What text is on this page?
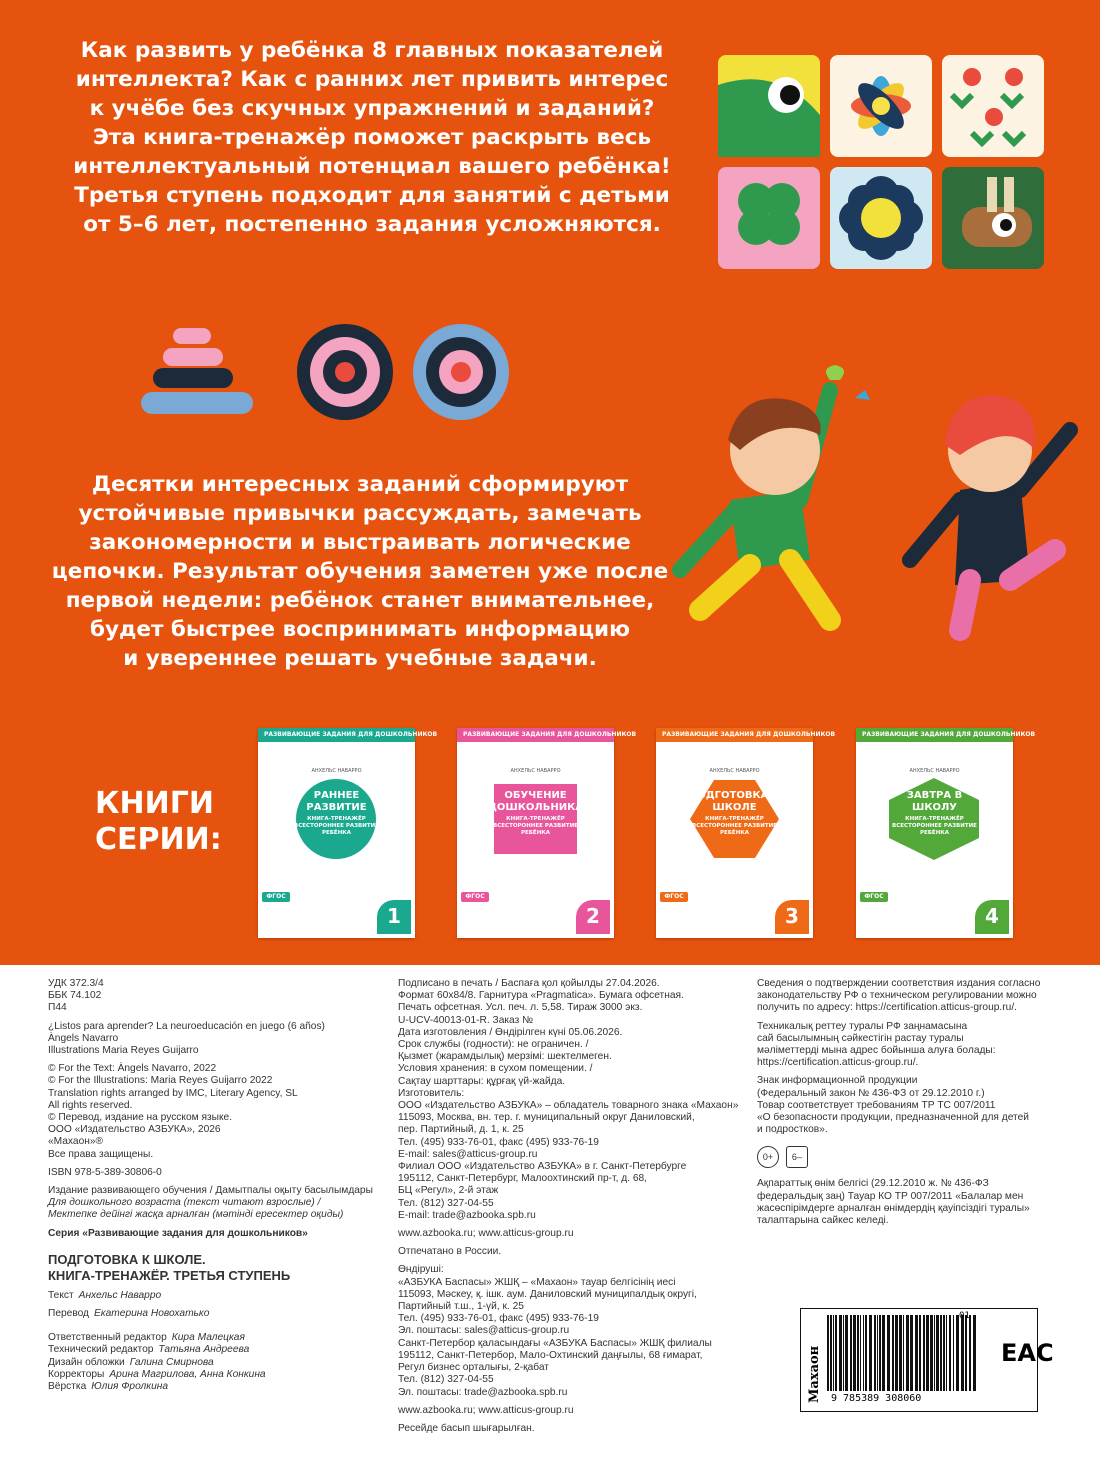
Как развить у ребёнка 8 главных показателей
интеллекта? Как с ранних лет привить интерес
к учёбе без скучных упражнений и заданий?
Эта книга-тренажёр поможет раскрыть весь
интеллектуальный потенциал вашего ребёнка!
Третья ступень подходит для занятий с детьми
от 5–6 лет, постепенно задания усложняются.
Десятки интересных заданий сформируют
устойчивые привычки рассуждать, замечать
закономерности и выстраивать логические
цепочки. Результат обучения заметен уже после
первой недели: ребёнок станет внимательнее,
будет быстрее воспринимать информацию
и увереннее решать учебные задачи.
КНИГИ
СЕРИИ:
РАЗВИВАЮЩИЕ ЗАДАНИЯ ДЛЯ ДОШКОЛЬНИКОВ
АНХЕЛЬС НАВАРРО
РАННЕЕ РАЗВИТИЕ
КНИГА-ТРЕНАЖЁР ВСЕСТОРОННЕЕ РАЗВИТИЕ РЕБЁНКА
ФГОС
1
РАЗВИВАЮЩИЕ ЗАДАНИЯ ДЛЯ ДОШКОЛЬНИКОВ
АНХЕЛЬС НАВАРРО
ОБУЧЕНИЕ ДОШКОЛЬНИКА
КНИГА-ТРЕНАЖЁР ВСЕСТОРОННЕЕ РАЗВИТИЕ РЕБЁНКА
ФГОС
2
РАЗВИВАЮЩИЕ ЗАДАНИЯ ДЛЯ ДОШКОЛЬНИКОВ
АНХЕЛЬС НАВАРРО
ПОДГОТОВКА К ШКОЛЕ
КНИГА-ТРЕНАЖЁР ВСЕСТОРОННЕЕ РАЗВИТИЕ РЕБЁНКА
ФГОС
3
РАЗВИВАЮЩИЕ ЗАДАНИЯ ДЛЯ ДОШКОЛЬНИКОВ
АНХЕЛЬС НАВАРРО
ЗАВТРА В ШКОЛУ
КНИГА-ТРЕНАЖЁР ВСЕСТОРОННЕЕ РАЗВИТИЕ РЕБЁНКА
ФГОС
4
УДК 372.3/4
ББК 74.102
П44
¿Listos para aprender? La neuroeducación en juego (6 años)
Àngels Navarro
Illustrations Maria Reyes Guijarro
© For the Text: Àngels Navarro, 2022
© For the Illustrations: Maria Reyes Guijarro 2022
Translation rights arranged by IMC, Literary Agency, SL
All rights reserved.
© Перевод, издание на русском языке.
ООО «Издательство АЗБУКА», 2026
«Махаон»®
Все права защищены.
ISBN 978-5-389-30806-0
Издание развивающего обучения / Дамытпалы оқыту басылымдары
Для дошкольного возраста (текст читают взрослые) /
Мектепке дейінгі жасқа арналған (мәтінді ересектер оқиды)
Серия «Развивающие задания для дошкольников»
ПОДГОТОВКА К ШКОЛЕ.
КНИГА-ТРЕНАЖЁР. ТРЕТЬЯ СТУПЕНЬ
Текст Анхельс Наварро
Перевод Екатерина Новохатько
Ответственный редактор Кира Малецкая
Технический редактор Татьяна Андреева
Дизайн обложки Галина Смирнова
Корректоры Арина Магрилова, Анна Конкина
Вёрстка Юлия Фролкина
Подписано в печать / Баспаға қол қойылды 27.04.2026.
Формат 60x84/8. Гарнитура «Pragmatica». Бумага офсетная.
Печать офсетная. Усл. печ. л. 5,58. Тираж 3000 экз.
U-UCV-40013-01-R. Заказ №
Дата изготовления / Өндірілген күні 05.06.2026.
Срок службы (годности): не ограничен. /
Қызмет (жарамдылық) мерзімі: шектелмеген.
Условия хранения: в сухом помещении. /
Сақтау шарттары: құрғақ үй-жайда.
Изготовитель:
ООО «Издательство АЗБУКА» – обладатель товарного знака «Махаон»
115093, Москва, вн. тер. г. муниципальный округ Даниловский,
пер. Партийный, д. 1, к. 25
Тел. (495) 933-76-01, факс (495) 933-76-19
E-mail: sales@atticus-group.ru
Филиал ООО «Издательство АЗБУКА» в г. Санкт-Петербурге
195112, Санкт-Петербург, Малоохтинский пр-т, д. 68,
БЦ «Регул», 2-й этаж
Тел. (812) 327-04-55
E-mail: trade@azbooka.spb.ru
www.azbooka.ru; www.atticus-group.ru
Отпечатано в России.
Өндіруші:
«АЗБУКА Баспасы» ЖШҚ – «Махаон» тауар белгісінің иесі
115093, Мәскеу, қ. ішк. аум. Даниловский муниципалдық округі,
Партийный т.ш., 1-үй, к. 25
Тел. (495) 933-76-01, факс (495) 933-76-19
Эл. поштасы: sales@atticus-group.ru
Санкт-Петербор қаласындағы «АЗБУКА Баспасы» ЖШҚ филиалы
195112, Санкт-Петербор, Мало-Охтинский даңғылы, 68 ғимарат,
Регул бизнес орталығы, 2-қабат
Тел. (812) 327-04-55
Эл. поштасы: trade@azbooka.spb.ru
www.azbooka.ru; www.atticus-group.ru
Ресейде басып шығарылған.
Сведения о подтверждении соответствия издания согласно
законодательству РФ о техническом регулировании можно
получить по адресу: https://certification.atticus-group.ru/.
Техникалық реттеу туралы РФ заңнамасына
сай басылымның сәйкестігін растау туралы
мәліметтерді мына адрес бойынша алуға болады:
https://certification.atticus-group.ru/.
Знак информационной продукции
(Федеральный закон № 436-ФЗ от 29.12.2010 г.)
Товар соответствует требованиям ТР ТС 007/2011
«О безопасности продукции, предназначенной для детей
и подростков».
0+ 6–
Ақпараттық өнім белгісі (29.12.2010 ж. № 436-ФЗ
федеральдық заң) Тауар КО ТР 007/2011 «Балалар мен
жасөспірімдерге арналған өнімдердің қауіпсіздігі туралы»
талаптарына сайкес келеді.
Махаон 9 785389 308060
01
EAC
